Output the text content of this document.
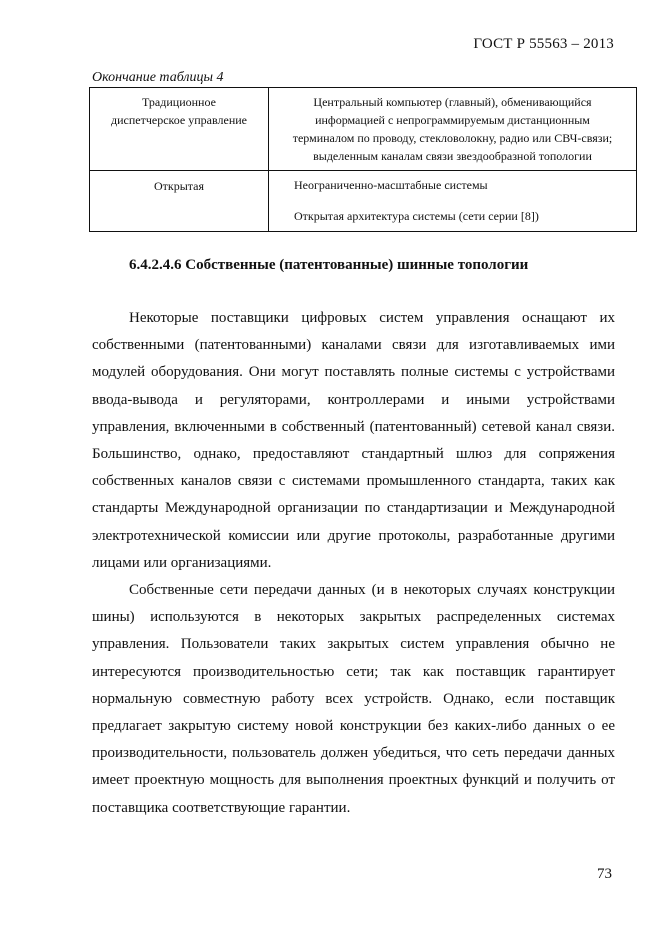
ГОСТ Р 55563 – 2013
Окончание таблицы 4
Традиционное
диспетчерское управление	Центральный компьютер (главный), обменивающийся
информацией с непрограммируемым дистанционным
терминалом по проводу, стекловолокну, радио или СВЧ-связи;
выделенным каналам связи звездообразной топологии
Открытая	Неограниченно-масштабные системы
Открытая архитектура системы (сети серии [8])
6.4.2.4.6 Собственные (патентованные) шинные топологии

Некоторые поставщики цифровых систем управления оснащают их собственными (патентованными) каналами связи для изготавливаемых ими модулей оборудования. Они могут поставлять полные системы с устройствами ввода-вывода и регуляторами, контроллерами и иными устройствами управления, включенными в собственный (патентованный) сетевой канал связи. Большинство, однако, предоставляют стандартный шлюз для сопряжения собственных каналов связи с системами промышленного стандарта, таких как стандарты Международной организации по стандартизации и Международной электротехнической комиссии или другие протоколы, разработанные другими лицами или организациями.

Собственные сети передачи данных (и в некоторых случаях конструкции шины) используются в некоторых закрытых распределенных системах управления. Пользователи таких закрытых систем управления обычно не интересуются производительностью сети; так как поставщик гарантирует нормальную совместную работу всех устройств. Однако, если поставщик предлагает закрытую систему новой конструкции без каких-либо данных о ее производительности, пользователь должен убедиться, что сеть передачи данных имеет проектную мощность для выполнения проектных функций и получить от поставщика соответствующие гарантии.

73
